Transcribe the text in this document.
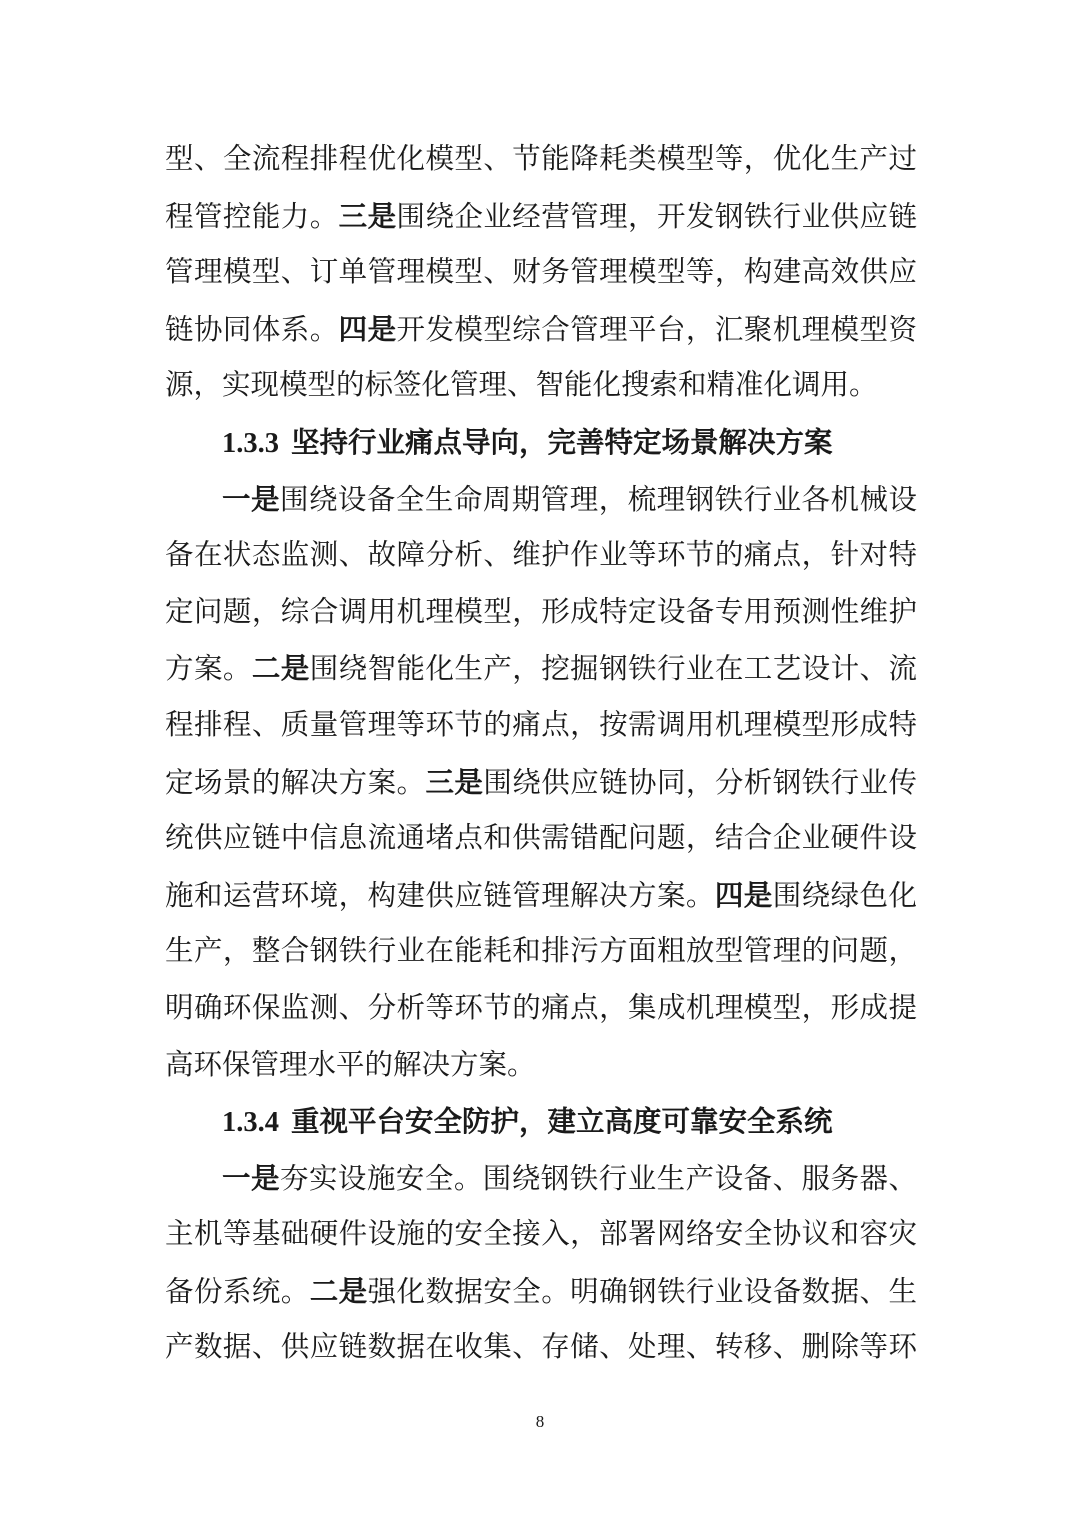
型、全流程排程优化模型、节能降耗类模型等，优化生产过
程管控能力。三是围绕企业经营管理，开发钢铁行业供应链
管理模型、订单管理模型、财务管理模型等，构建高效供应
链协同体系。四是开发模型综合管理平台，汇聚机理模型资
源，实现模型的标签化管理、智能化搜索和精准化调用。
1.3.3 坚持行业痛点导向，完善特定场景解决方案
一是围绕设备全生命周期管理，梳理钢铁行业各机械设
备在状态监测、故障分析、维护作业等环节的痛点，针对特
定问题，综合调用机理模型，形成特定设备专用预测性维护
方案。二是围绕智能化生产，挖掘钢铁行业在工艺设计、流
程排程、质量管理等环节的痛点，按需调用机理模型形成特
定场景的解决方案。三是围绕供应链协同，分析钢铁行业传
统供应链中信息流通堵点和供需错配问题，结合企业硬件设
施和运营环境，构建供应链管理解决方案。四是围绕绿色化
生产，整合钢铁行业在能耗和排污方面粗放型管理的问题，
明确环保监测、分析等环节的痛点，集成机理模型，形成提
高环保管理水平的解决方案。
1.3.4 重视平台安全防护，建立高度可靠安全系统
一是夯实设施安全。围绕钢铁行业生产设备、服务器、
主机等基础硬件设施的安全接入，部署网络安全协议和容灾
备份系统。二是强化数据安全。明确钢铁行业设备数据、生
产数据、供应链数据在收集、存储、处理、转移、删除等环
8
